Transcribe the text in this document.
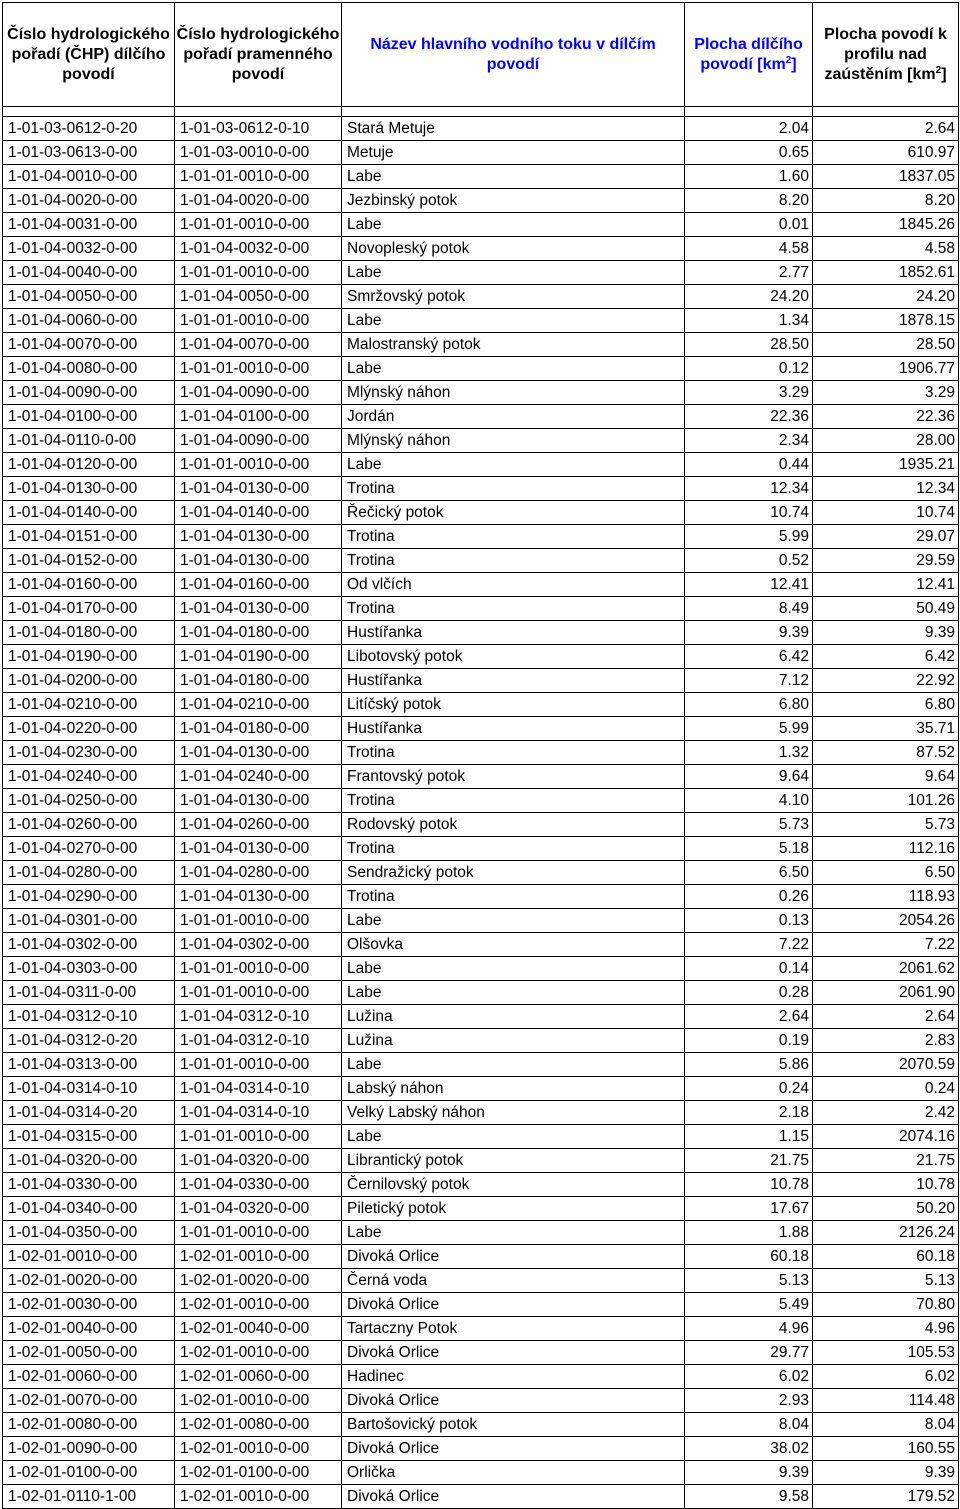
Číslo hydrologického pořadí (ČHP) dílčího povodí	Číslo hydrologického pořadí pramenného povodí	Název hlavního vodního toku v dílčím povodí	Plocha dílčího povodí $[km^2]$	Plocha povodí k profilu nad zaústěním $[km^2]$

1-01-03-0612-0-20	1-01-03-0612-0-10	Stará Metuje	2.04	2.64
1-01-03-0613-0-00	1-01-03-0010-0-00	Metuje	0.65	610.97
1-01-04-0010-0-00	1-01-01-0010-0-00	Labe	1.60	1837.05
1-01-04-0020-0-00	1-01-04-0020-0-00	Jezbinský potok	8.20	8.20
1-01-04-0031-0-00	1-01-01-0010-0-00	Labe	0.01	1845.26
1-01-04-0032-0-00	1-01-04-0032-0-00	Novopleský potok	4.58	4.58
1-01-04-0040-0-00	1-01-01-0010-0-00	Labe	2.77	1852.61
1-01-04-0050-0-00	1-01-04-0050-0-00	Smržovský potok	24.20	24.20
1-01-04-0060-0-00	1-01-01-0010-0-00	Labe	1.34	1878.15
1-01-04-0070-0-00	1-01-04-0070-0-00	Malostranský potok	28.50	28.50
1-01-04-0080-0-00	1-01-01-0010-0-00	Labe	0.12	1906.77
1-01-04-0090-0-00	1-01-04-0090-0-00	Mlýnský náhon	3.29	3.29
1-01-04-0100-0-00	1-01-04-0100-0-00	Jordán	22.36	22.36
1-01-04-0110-0-00	1-01-04-0090-0-00	Mlýnský náhon	2.34	28.00
1-01-04-0120-0-00	1-01-01-0010-0-00	Labe	0.44	1935.21
1-01-04-0130-0-00	1-01-04-0130-0-00	Trotina	12.34	12.34
1-01-04-0140-0-00	1-01-04-0140-0-00	Řečický potok	10.74	10.74
1-01-04-0151-0-00	1-01-04-0130-0-00	Trotina	5.99	29.07
1-01-04-0152-0-00	1-01-04-0130-0-00	Trotina	0.52	29.59
1-01-04-0160-0-00	1-01-04-0160-0-00	Od vlčích	12.41	12.41
1-01-04-0170-0-00	1-01-04-0130-0-00	Trotina	8.49	50.49
1-01-04-0180-0-00	1-01-04-0180-0-00	Hustířanka	9.39	9.39
1-01-04-0190-0-00	1-01-04-0190-0-00	Libotovský potok	6.42	6.42
1-01-04-0200-0-00	1-01-04-0180-0-00	Hustířanka	7.12	22.92
1-01-04-0210-0-00	1-01-04-0210-0-00	Litíčský potok	6.80	6.80
1-01-04-0220-0-00	1-01-04-0180-0-00	Hustířanka	5.99	35.71
1-01-04-0230-0-00	1-01-04-0130-0-00	Trotina	1.32	87.52
1-01-04-0240-0-00	1-01-04-0240-0-00	Frantovský potok	9.64	9.64
1-01-04-0250-0-00	1-01-04-0130-0-00	Trotina	4.10	101.26
1-01-04-0260-0-00	1-01-04-0260-0-00	Rodovský potok	5.73	5.73
1-01-04-0270-0-00	1-01-04-0130-0-00	Trotina	5.18	112.16
1-01-04-0280-0-00	1-01-04-0280-0-00	Sendražický potok	6.50	6.50
1-01-04-0290-0-00	1-01-04-0130-0-00	Trotina	0.26	118.93
1-01-04-0301-0-00	1-01-01-0010-0-00	Labe	0.13	2054.26
1-01-04-0302-0-00	1-01-04-0302-0-00	Olšovka	7.22	7.22
1-01-04-0303-0-00	1-01-01-0010-0-00	Labe	0.14	2061.62
1-01-04-0311-0-00	1-01-01-0010-0-00	Labe	0.28	2061.90
1-01-04-0312-0-10	1-01-04-0312-0-10	Lužina	2.64	2.64
1-01-04-0312-0-20	1-01-04-0312-0-10	Lužina	0.19	2.83
1-01-04-0313-0-00	1-01-01-0010-0-00	Labe	5.86	2070.59
1-01-04-0314-0-10	1-01-04-0314-0-10	Labský náhon	0.24	0.24
1-01-04-0314-0-20	1-01-04-0314-0-10	Velký Labský náhon	2.18	2.42
1-01-04-0315-0-00	1-01-01-0010-0-00	Labe	1.15	2074.16
1-01-04-0320-0-00	1-01-04-0320-0-00	Librantický potok	21.75	21.75
1-01-04-0330-0-00	1-01-04-0330-0-00	Černilovský potok	10.78	10.78
1-01-04-0340-0-00	1-01-04-0320-0-00	Piletický potok	17.67	50.20
1-01-04-0350-0-00	1-01-01-0010-0-00	Labe	1.88	2126.24
1-02-01-0010-0-00	1-02-01-0010-0-00	Divoká Orlice	60.18	60.18
1-02-01-0020-0-00	1-02-01-0020-0-00	Černá voda	5.13	5.13
1-02-01-0030-0-00	1-02-01-0010-0-00	Divoká Orlice	5.49	70.80
1-02-01-0040-0-00	1-02-01-0040-0-00	Tartaczny Potok	4.96	4.96
1-02-01-0050-0-00	1-02-01-0010-0-00	Divoká Orlice	29.77	105.53
1-02-01-0060-0-00	1-02-01-0060-0-00	Hadinec	6.02	6.02
1-02-01-0070-0-00	1-02-01-0010-0-00	Divoká Orlice	2.93	114.48
1-02-01-0080-0-00	1-02-01-0080-0-00	Bartošovický potok	8.04	8.04
1-02-01-0090-0-00	1-02-01-0010-0-00	Divoká Orlice	38.02	160.55
1-02-01-0100-0-00	1-02-01-0100-0-00	Orlička	9.39	9.39
1-02-01-0110-1-00	1-02-01-0010-0-00	Divoká Orlice	9.58	179.52
